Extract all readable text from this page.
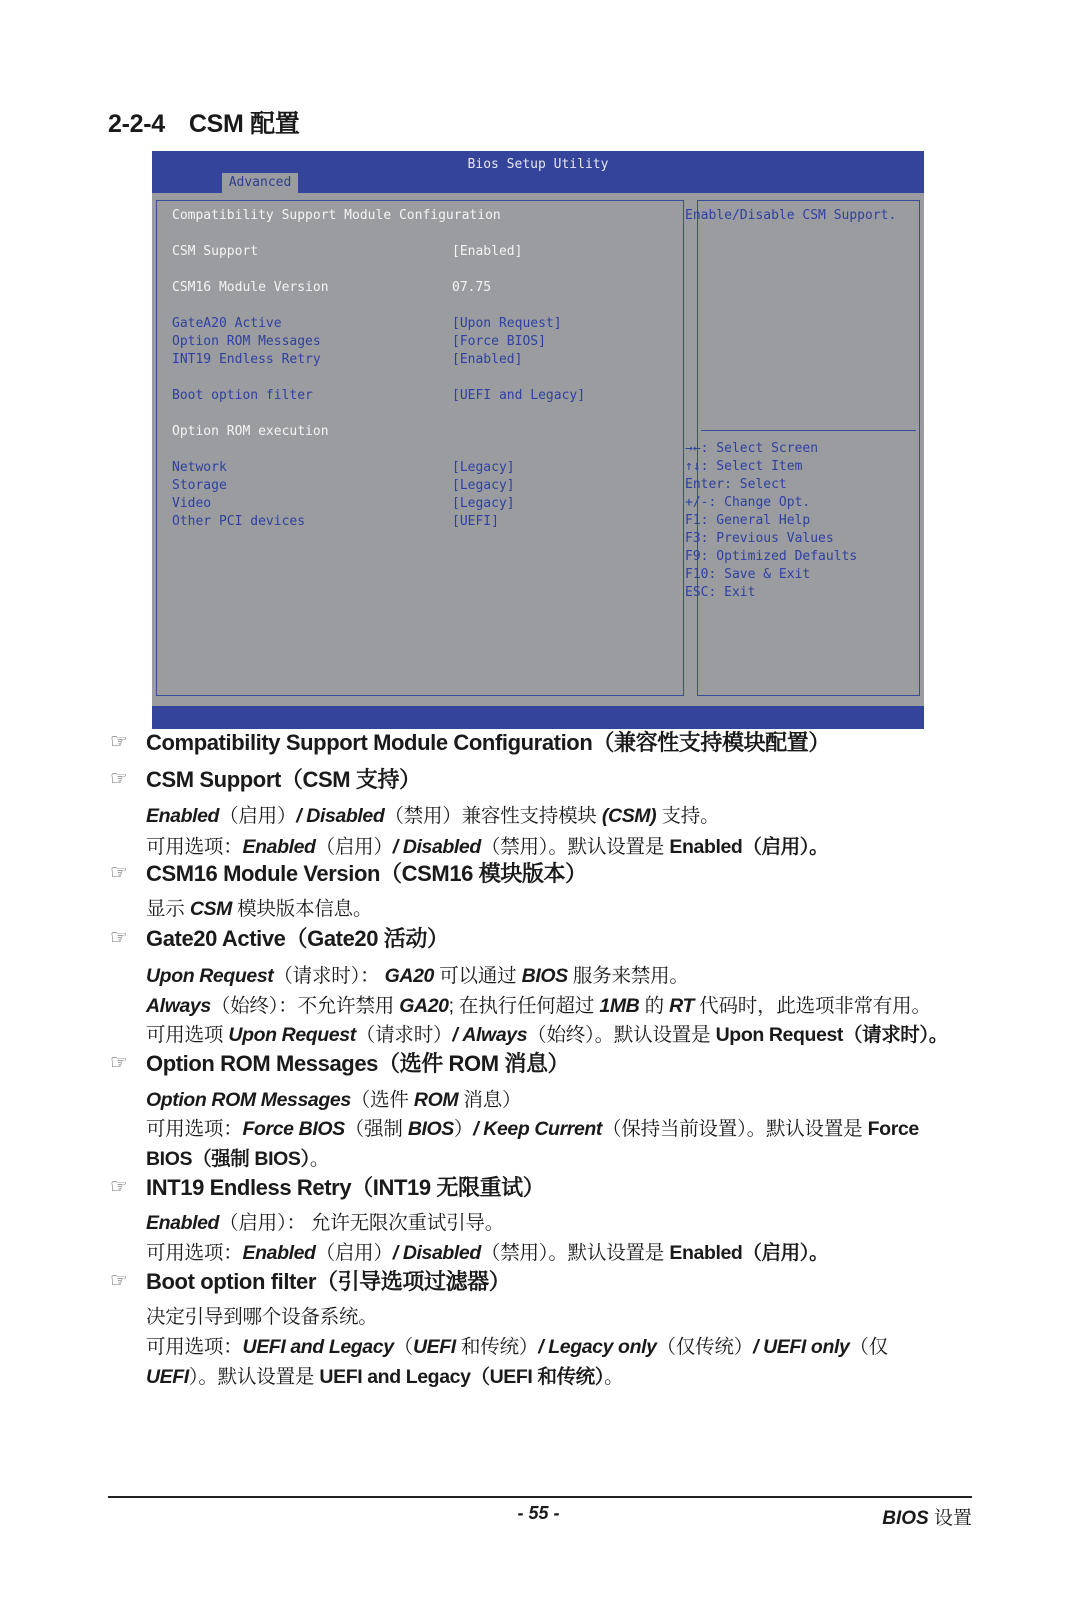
2-2-4 CSM 配置
Bios Setup Utility
Advanced
Compatibility Support Module Configuration
CSM Support	[Enabled]
CSM16 Module Version	07.75
GateA20 Active	[Upon Request]
Option ROM Messages	[Force BIOS]
INT19 Endless Retry	[Enabled]
Boot option filter	[UEFI and Legacy]
Option ROM execution
Network	[Legacy]
Storage	[Legacy]
Video	[Legacy]
Other PCI devices	[UEFI]
Enable/Disable CSM Support.
→←: Select Screen
↑↓: Select Item
Enter: Select
+/-: Change Opt.
F1: General Help
F3: Previous Values
F9: Optimized Defaults
F10: Save & Exit
ESC: Exit
☞ Compatibility Support Module Configuration（兼容性支持模块配置）
☞ CSM Support（CSM 支持）
Enabled（启用）/ Disabled（禁用）兼容性支持模块 (CSM) 支持。
可用选项：Enabled（启用）/ Disabled（禁用）。默认设置是 Enabled（启用）。
☞ CSM16 Module Version（CSM16 模块版本）
显示 CSM 模块版本信息。
☞ Gate20 Active（Gate20 活动）
Upon Request（请求时）： GA20 可以通过 BIOS 服务来禁用。
Always（始终）：不允许禁用 GA20; 在执行任何超过 1MB 的 RT 代码时，此选项非常有用。
可用选项 Upon Request（请求时）/ Always（始终）。默认设置是 Upon Request（请求时）。
☞ Option ROM Messages（选件 ROM 消息）
Option ROM Messages（选件 ROM 消息）
可用选项：Force BIOS（强制 BIOS）/ Keep Current（保持当前设置）。默认设置是 Force
BIOS（强制 BIOS）。
☞ INT19 Endless Retry（INT19 无限重试）
Enabled（启用）： 允许无限次重试引导。
可用选项：Enabled（启用）/ Disabled（禁用）。默认设置是 Enabled（启用）。
☞ Boot option filter（引导选项过滤器）
决定引导到哪个设备系统。
可用选项：UEFI and Legacy（UEFI 和传统）/ Legacy only（仅传统）/ UEFI only（仅
UEFI）。默认设置是 UEFI and Legacy（UEFI 和传统）。
- 55 -	BIOS 设置
